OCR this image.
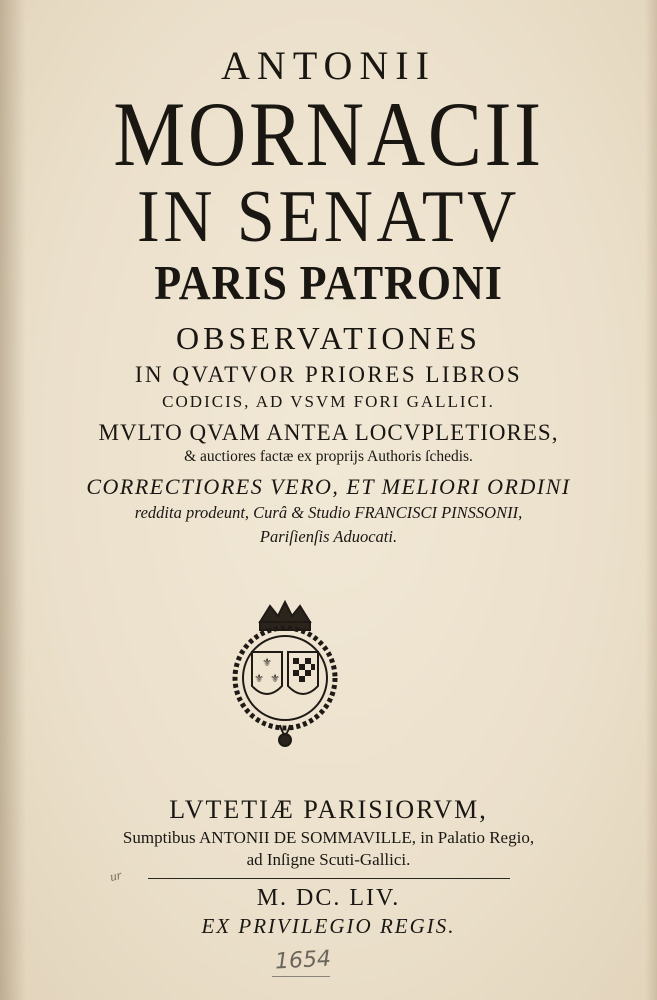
ANTONII

MORNACII

IN SENATV

PARIS PATRONI

OBSERVATIONES

IN QVATVOR PRIORES LIBROS

CODICIS, AD VSVM FORI GALLICI.

MVLTO QVAM ANTEA LOCVPLETIORES,

& auctiores factæ ex proprijs Authoris ſchedis.

CORRECTIORES VERO, ET MELIORI ORDINI

reddita prodeunt, Curâ & Studio FRANCISCI PINSSONII,

Pariſienſis Aduocati.

⚜
⚜ ⚜

LVTETIÆ PARISIORVM,

Sumptibus ANTONII DE SOMMAVILLE, in Palatio Regio,

ad Inſigne Scuti-Gallici.

ur

M. DC. LIV.

EX PRIVILEGIO REGIS.

1654
